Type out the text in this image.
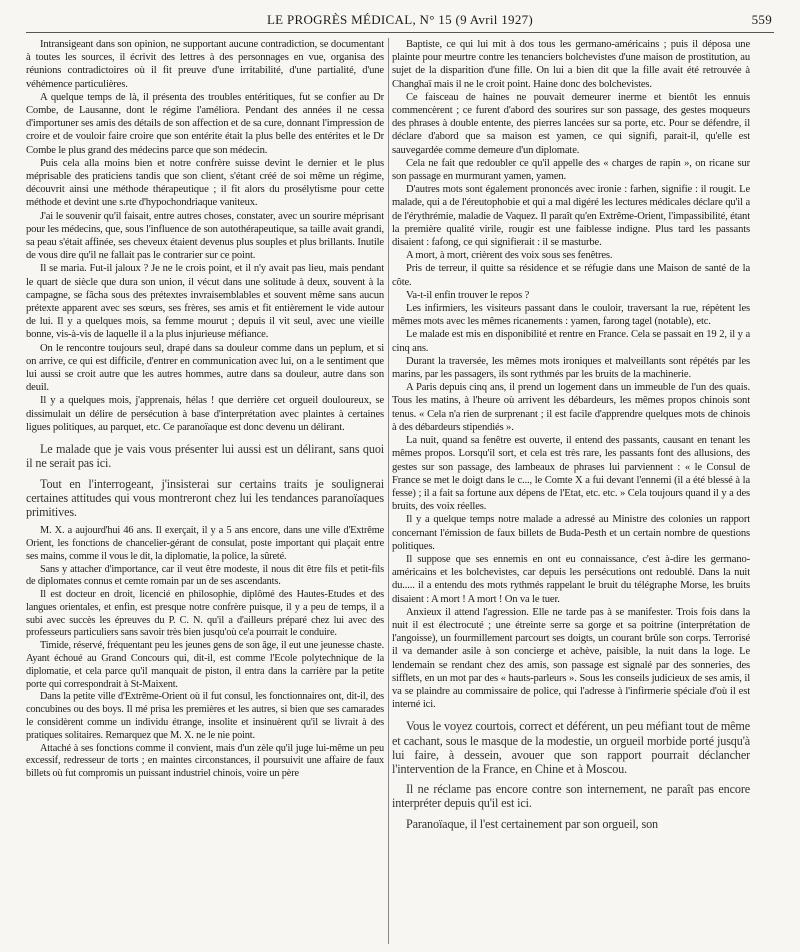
LE PROGRÈS MÉDICAL, N° 15 (9 Avril 1927)	559

Intransigeant dans son opinion, ne supportant aucune contradiction, se documentant à toutes les sources, il écrivit des lettres à des personnages en vue, organisa des réunions contradictoires où il fit preuve d'une irritabilité, d'une partialité, d'une véhémence particulières.

A quelque temps de là, il présenta des troubles entéritiques, fut se confier au Dr Combe, de Lausanne, dont le régime l'améliora. Pendant des années il ne cessa d'importuner ses amis des détails de son affection et de sa cure, donnant l'impression de croire et de vouloir faire croire que son entérite était la plus belle des entérites et le Dr Combe le plus grand des médecins parce que son médecin.

Puis cela alla moins bien et notre confrère suisse devint le dernier et le plus méprisable des praticiens tandis que son client, s'étant créé de soi même un régime, découvrit ainsi une méthode thérapeutique ; il fit alors du prosélytisme pour cette méthode et devint une s.rte d'hypochondriaque vaniteux.

J'ai le souvenir qu'il faisait, entre autres choses, constater, avec un sourire méprisant pour les médecins, que, sous l'influence de son autothérapeutique, sa taille avait grandi, sa peau s'était affinée, ses cheveux étaient devenus plus souples et plus brillants. Inutile de vous dire qu'il ne fallait pas le contrarier sur ce point.

Il se maria. Fut-il jaloux ? Je ne le crois point, et il n'y avait pas lieu, mais pendant le quart de siècle que dura son union, il vécut dans une solitude à deux, souvent à la campagne, se fâcha sous des prétextes invraisemblables et souvent même sans aucun prétexte apparent avec ses sœurs, ses frères, ses amis et fit entièrement le vide autour de lui. Il y a quelques mois, sa femme mourut ; depuis il vit seul, avec une vieille bonne, vis-à-vis de laquelle il a la plus injurieuse méfiance.

On le rencontre toujours seul, drapé dans sa douleur comme dans un peplum, et si on arrive, ce qui est difficile, d'entrer en communication avec lui, on a le sentiment que lui aussi se croit autre que les autres hommes, autre dans sa douleur, autre dans son deuil.

Il y a quelques mois, j'apprenais, hélas ! que derrière cet orgueil douloureux, se dissimulait un délire de persécution à base d'interprétation avec plaintes à certaines ligues politiques, au parquet, etc. Ce paranoïaque est donc devenu un délirant.

Le malade que je vais vous présenter lui aussi est un délirant, sans quoi il ne serait pas ici.

Tout en l'interrogeant, j'insisterai sur certains traits je soulignerai certaines attitudes qui vous montreront chez lui les tendances paranoïaques primitives.

M. X. a aujourd'hui 46 ans. Il exerçait, il y a 5 ans encore, dans une ville d'Extrême Orient, les fonctions de chancelier-gérant de consulat, poste important qui plaçait entre ses mains, comme il vous le dit, la diplomatie, la police, la sûreté.

Sans y attacher d'importance, car il veut être modeste, il nous dit être fils et petit-fils de diplomates connus et cemte romain par un de ses ascendants.

Il est docteur en droit, licencié en philosophie, diplômé des Hautes-Etudes et des langues orientales, et enfin, est presque notre confrère puisque, il y a peu de temps, il a subi avec succès les épreuves du P. C. N. qu'il a d'ailleurs préparé chez lui avec des professeurs particuliers sans savoir très bien jusqu'où ce'a pourrait le conduire.

Timide, réservé, fréquentant peu les jeunes gens de son âge, il eut une jeunesse chaste. Ayant échoué au Grand Concours qui, dit-il, est comme l'Ecole polytechnique de la diplomatie, et cela parce qu'il manquait de piston, il entra dans la carrière par la petite porte qui correspondrait à St-Maixent.

Dans la petite ville d'Extrême-Orient où il fut consul, les fonctionnaires ont, dit-il, des concubines ou des boys. Il mé prisa les premières et les autres, si bien que ses camarades le considèrent comme un individu étrange, insolite et insinuèrent qu'il se livrait à des pratiques solitaires. Remarquez que M. X. ne le nie point.

Attaché à ses fonctions comme il convient, mais d'un zèle qu'il juge lui-même un peu excessif, redresseur de torts ; en maintes circonstances, il poursuivit une affaire de faux billets où fut compromis un puissant industriel chinois, voire un père

Baptiste, ce qui lui mit à dos tous les germano-américains ; puis il déposa une plainte pour meurtre contre les tenanciers bolchevistes d'une maison de prostitution, au sujet de la disparition d'une fille. On lui a bien dit que la fille avait été retrouvée à Changhaï mais il ne le croit point. Haine donc des bolchevistes.

Ce faisceau de haines ne pouvait demeurer inerme et bientôt les ennuis commencèrent ; ce furent d'abord des sourires sur son passage, des gestes moqueurs des phrases à double entente, des pierres lancées sur sa porte, etc. Pour se défendre, il déclare d'abord que sa maison est yamen, ce qui signifi, parait-il, qu'elle est sauvegardée comme demeure d'un diplomate.

Cela ne fait que redoubler ce qu'il appelle des « charges de rapin », on ricane sur son passage en murmurant yamen, yamen.

D'autres mots sont également prononcés avec ironie : farhen, signifie : il rougit. Le malade, qui a de l'éreutophobie et qui a mal digéré les lectures médicales déclare qu'il a de l'érythrémie, maladie de Vaquez. Il paraît qu'en Extrême-Orient, l'impassibilité, étant la première qualité virile, rougir est une faiblesse indigne. Plus tard les passants disaient : fafong, ce qui signifierait : il se masturbe.

A mort, à mort, crièrent des voix sous ses fenêtres.

Pris de terreur, il quitte sa résidence et se réfugie dans une Maison de santé de la côte.

Va-t-il enfin trouver le repos ?

Les infirmiers, les visiteurs passant dans le couloir, traversant la rue, répètent les mêmes mots avec les mêmes ricanements : yamen, farong tagel (notable), etc.

Le malade est mis en disponibilité et rentre en France. Cela se passait en 19 2, il y a cinq ans.

Durant la traversée, les mêmes mots ironiques et malveillants sont répétés par les marins, par les passagers, ils sont rythmés par les bruits de la machinerie.

A Paris depuis cinq ans, il prend un logement dans un immeuble de l'un des quais. Tous les matins, à l'heure où arrivent les débardeurs, les mêmes propos chinois sont tenus. « Cela n'a rien de surprenant ; il est facile d'apprendre quelques mots de chinois à des débardeurs stipendiés ».

La nuit, quand sa fenêtre est ouverte, il entend des passants, causant en tenant les mêmes propos. Lorsqu'il sort, et cela est très rare, les passants font des allusions, des gestes sur son passage, des lambeaux de phrases lui parviennent : « le Consul de France se met le doigt dans le c..., le Comte X a fui devant l'ennemi (il a été blessé à la fesse) ; il a fait sa fortune aux dépens de l'Etat, etc. etc. » Cela toujours quand il y a des bruits, des voix réelles.

Il y a quelque temps notre malade a adressé au Ministre des colonies un rapport concernant l'émission de faux billets de Buda-Pesth et un certain nombre de questions politiques.

Il suppose que ses ennemis en ont eu connaissance, c'est à-dire les germano-américains et les bolchevistes, car depuis les persécutions ont redoublé. Dans la nuit du..... il a entendu des mots rythmés rappelant le bruit du télégraphe Morse, les bruits disaient : A mort ! A mort ! On va le tuer.

Anxieux il attend l'agression. Elle ne tarde pas à se manifester. Trois fois dans la nuit il est électrocuté ; une étreinte serre sa gorge et sa poitrine (interprétation de l'angoisse), un fourmillement parcourt ses doigts, un courant brûle son corps. Terrorisé il va demander asile à son concierge et achève, paisible, la nuit dans la loge. Le lendemain se rendant chez des amis, son passage est signalé par des sonneries, des sifflets, en un mot par des « hauts-parleurs ». Sous les conseils judicieux de ses amis, il va se plaindre au commissaire de police, qui l'adresse à l'infirmerie spéciale d'où il est interné ici.

Vous le voyez courtois, correct et déférent, un peu méfiant tout de même et cachant, sous le masque de la modestie, un orgueil morbide porté jusqu'à lui faire, à dessein, avouer que son rapport pourrait déclancher l'intervention de la France, en Chine et à Moscou.

Il ne réclame pas encore contre son internement, ne paraît pas encore interpréter depuis qu'il est ici.

Paranoïaque, il l'est certainement par son orgueil, son
